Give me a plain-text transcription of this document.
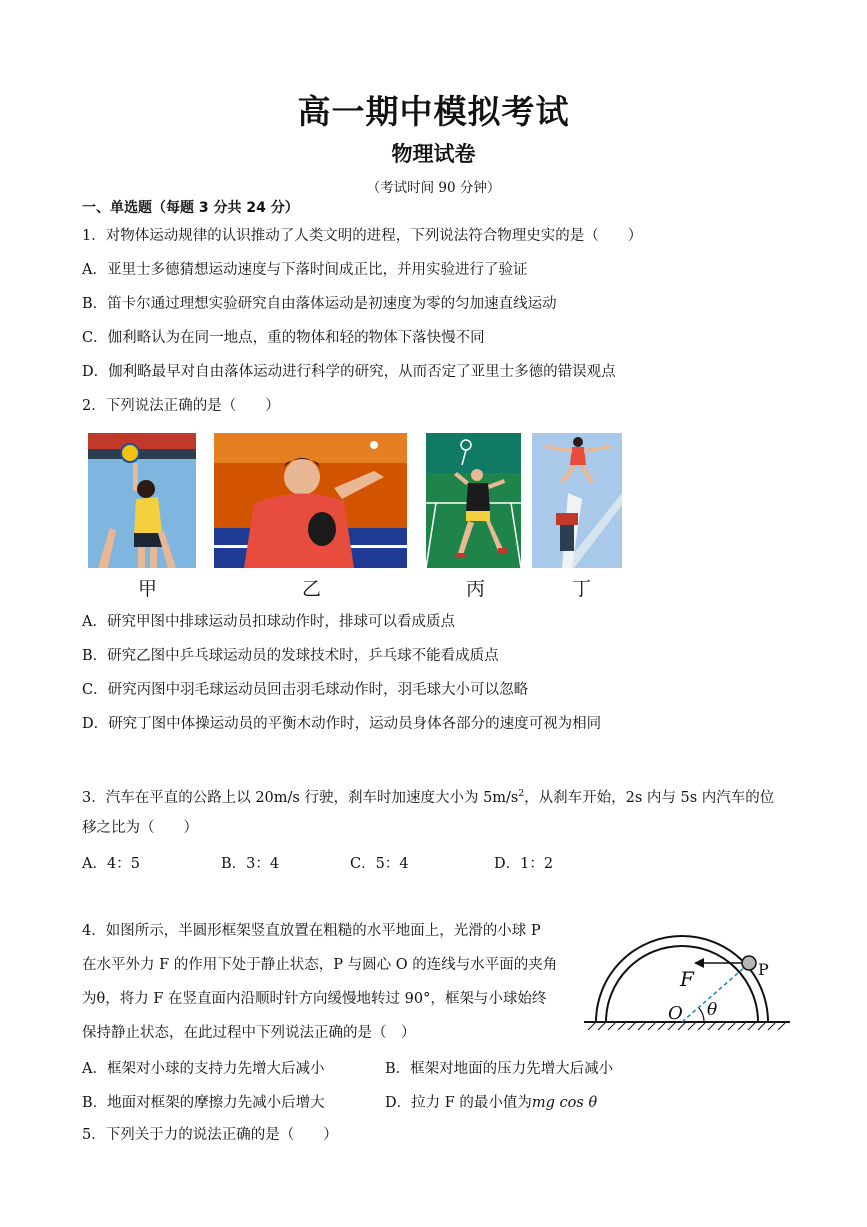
高一期中模拟考试
物理试卷
（考试时间 90 分钟）
一、单选题（每题 3 分共 24 分）
1．对物体运动规律的认识推动了人类文明的进程，下列说法符合物理史实的是（　　）
A．亚里士多德猜想运动速度与下落时间成正比，并用实验进行了验证
B．笛卡尔通过理想实验研究自由落体运动是初速度为零的匀加速直线运动
C．伽利略认为在同一地点，重的物体和轻的物体下落快慢不同
D．伽利略最早对自由落体运动进行科学的研究，从而否定了亚里士多德的错误观点
2．下列说法正确的是（　　）
甲	乙	丙	丁
A．研究甲图中排球运动员扣球动作时，排球可以看成质点
B．研究乙图中乒乓球运动员的发球技术时，乒乓球不能看成质点
C．研究丙图中羽毛球运动员回击羽毛球动作时，羽毛球大小可以忽略
D．研究丁图中体操运动员的平衡木动作时，运动员身体各部分的速度可视为相同
3．汽车在平直的公路上以 20m/s 行驶，刹车时加速度大小为 $5m/s^2$，从刹车开始，2s 内与 5s 内汽车的位
移之比为（　　）
A．4：5	B．3：4	C．5：4	D．1：2
4．如图所示，半圆形框架竖直放置在粗糙的水平地面上，光滑的小球 P
在水平外力 F 的作用下处于静止状态，P 与圆心 O 的连线与水平面的夹角
为θ，将力 F 在竖直面内沿顺时针方向缓慢地转过 90°，框架与小球始终
保持静止状态，在此过程中下列说法正确的是（　）
F	P
O θ
A．框架对小球的支持力先增大后减小	B．框架对地面的压力先增大后减小
B．地面对框架的摩擦力先减小后增大	D．拉力 F 的最小值为mg cos θ
5．下列关于力的说法正确的是（　　）
